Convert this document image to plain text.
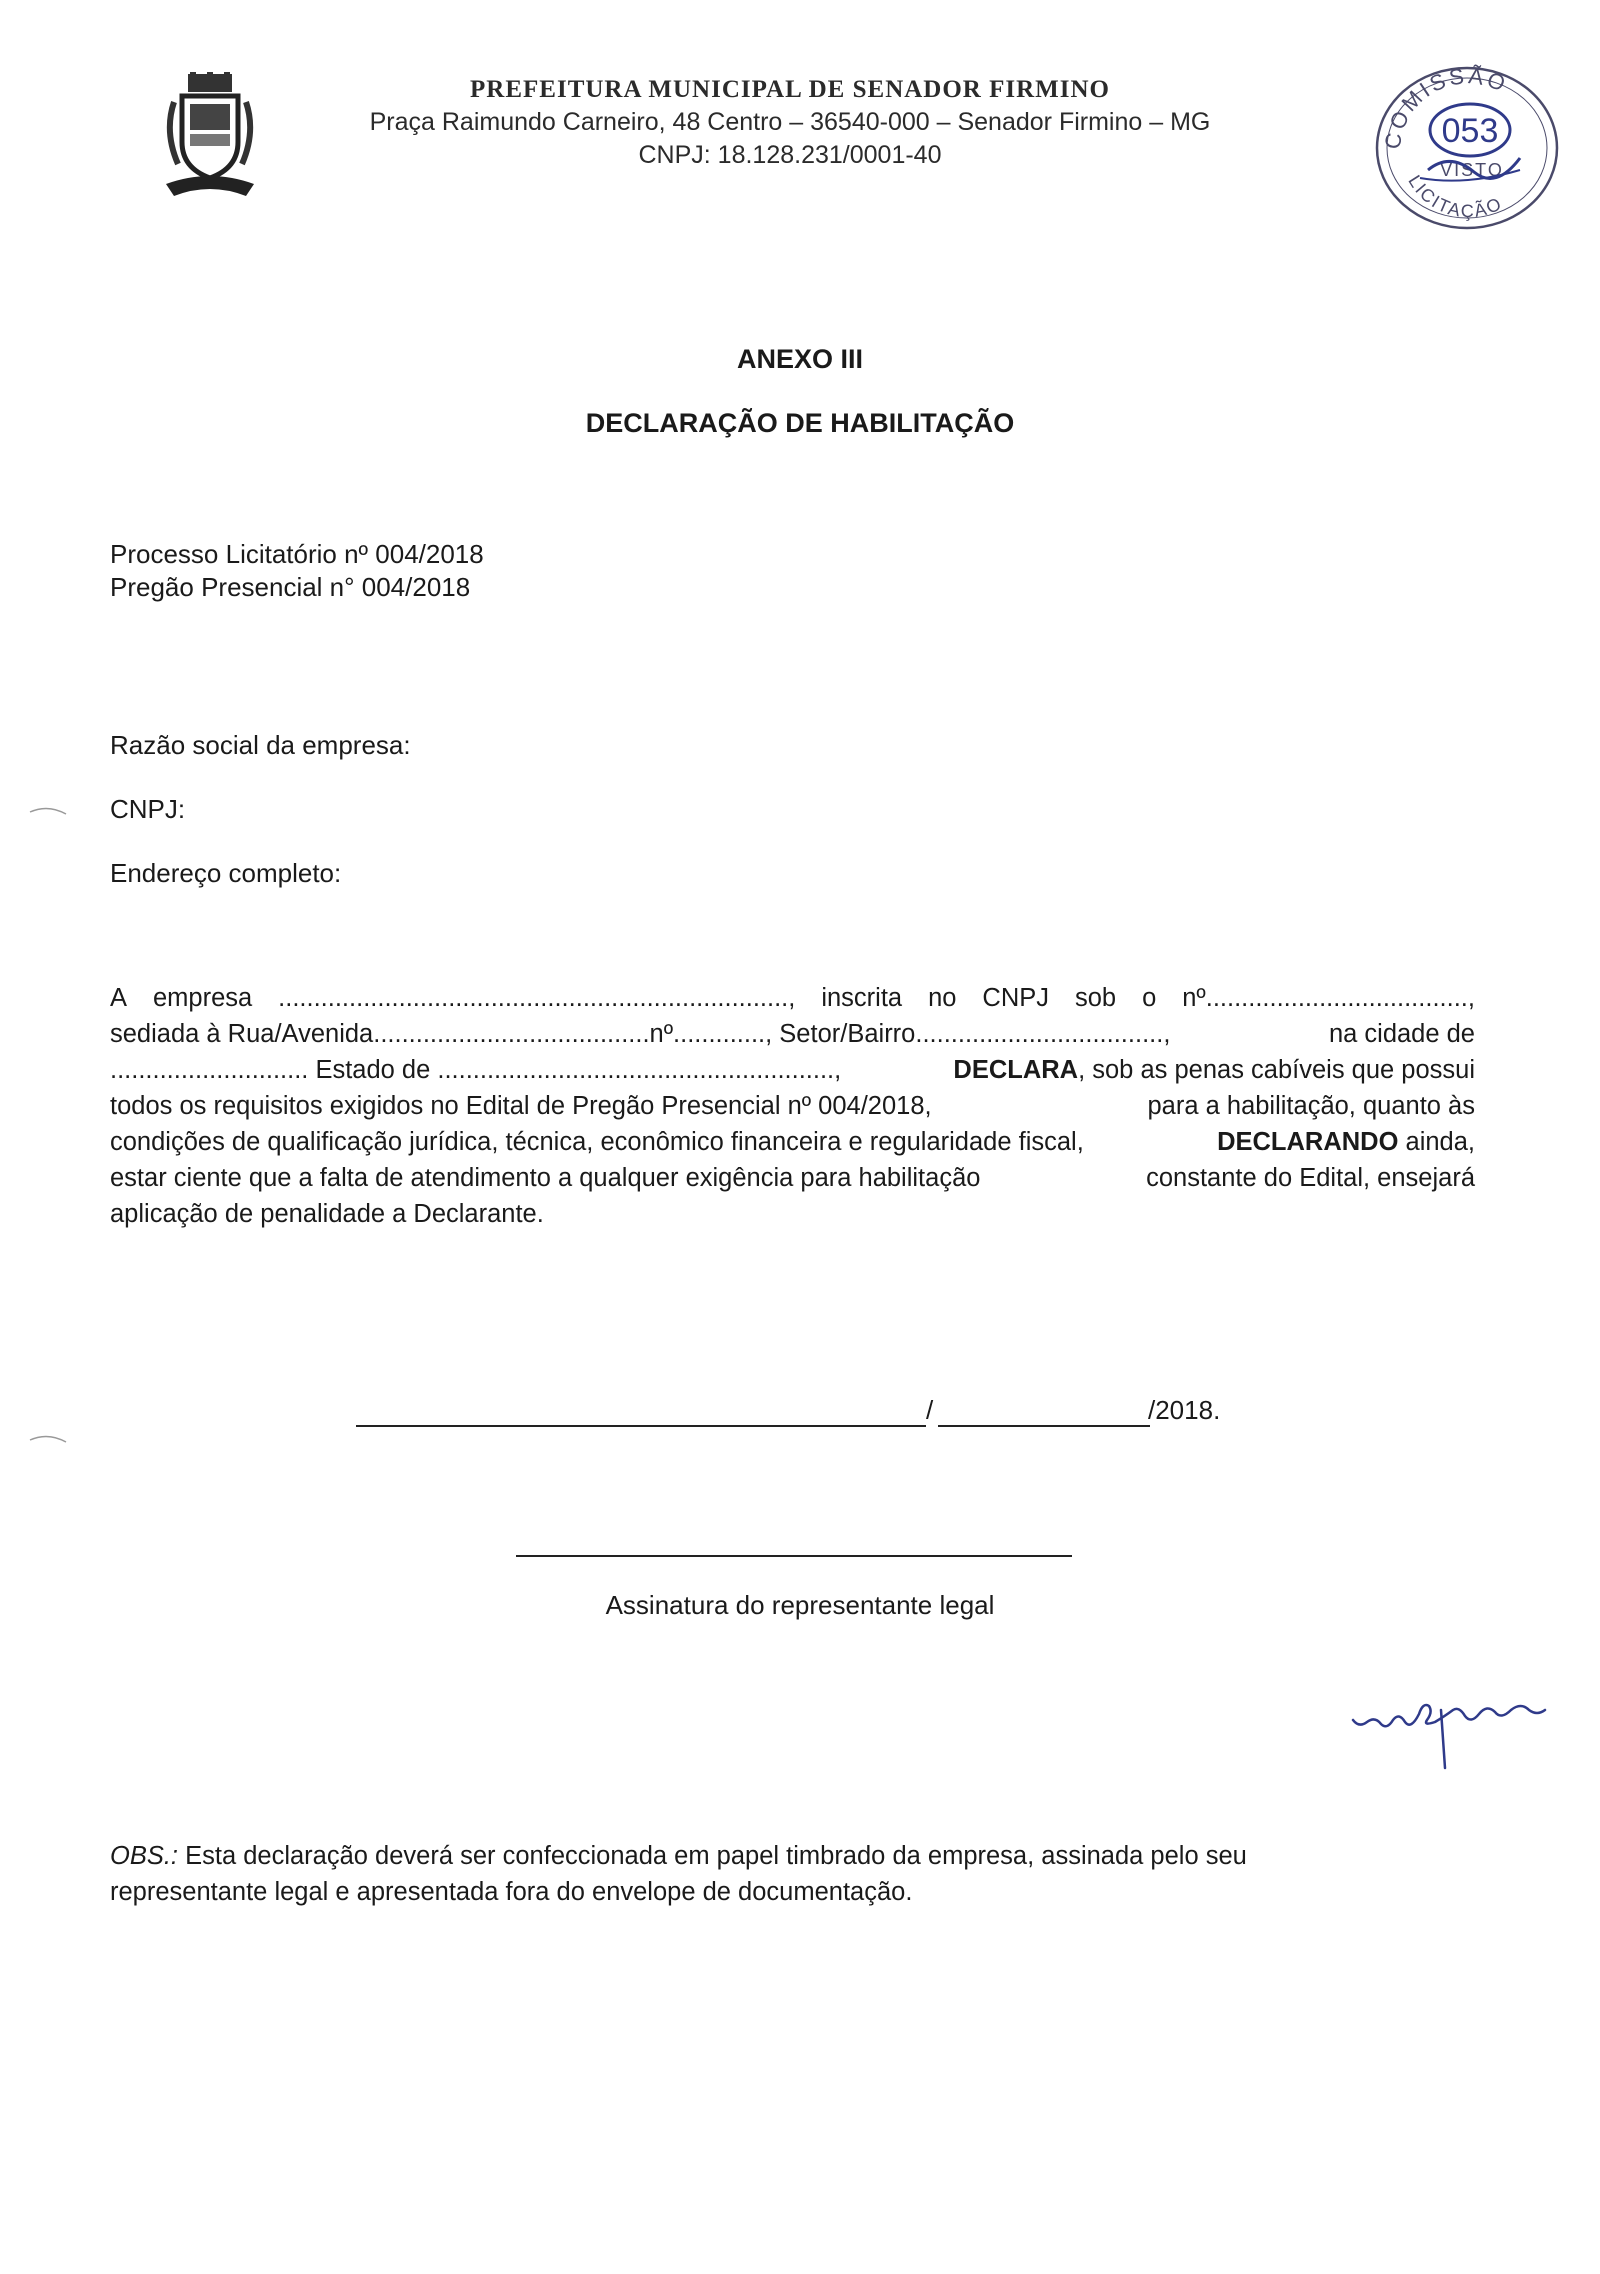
PREFEITURA MUNICIPAL DE SENADOR FIRMINO
Praça Raimundo Carneiro, 48 Centro – 36540-000 – Senador Firmino – MG
CNPJ: 18.128.231/0001-40
COMISSÃO
LICITAÇÃO
053
VISTO
ANEXO III
DECLARAÇÃO DE HABILITAÇÃO
Processo Licitatório nº 004/2018
Pregão Presencial n° 004/2018
Razão social da empresa:
CNPJ:
Endereço completo:
A empresa ........................................................................, inscrita no CNPJ sob o nº.....................................,
sediada à Rua/Avenida.......................................nº............., Setor/Bairro...................................,	na cidade de
............................ Estado de ........................................................,	DECLARA, sob as penas cabíveis que possui
todos os requisitos exigidos no Edital de Pregão Presencial nº 004/2018,	para a habilitação, quanto às
condições de qualificação jurídica, técnica, econômico financeira e regularidade fiscal,	DECLARANDO ainda,
estar ciente que a falta de atendimento a qualquer exigência para habilitação	constante do Edital, ensejará
aplicação de penalidade a Declarante.
/	/2018.
Assinatura do representante legal
OBS.: Esta declaração deverá ser confeccionada em papel timbrado da empresa, assinada pelo seu
representante legal e apresentada fora do envelope de documentação.
